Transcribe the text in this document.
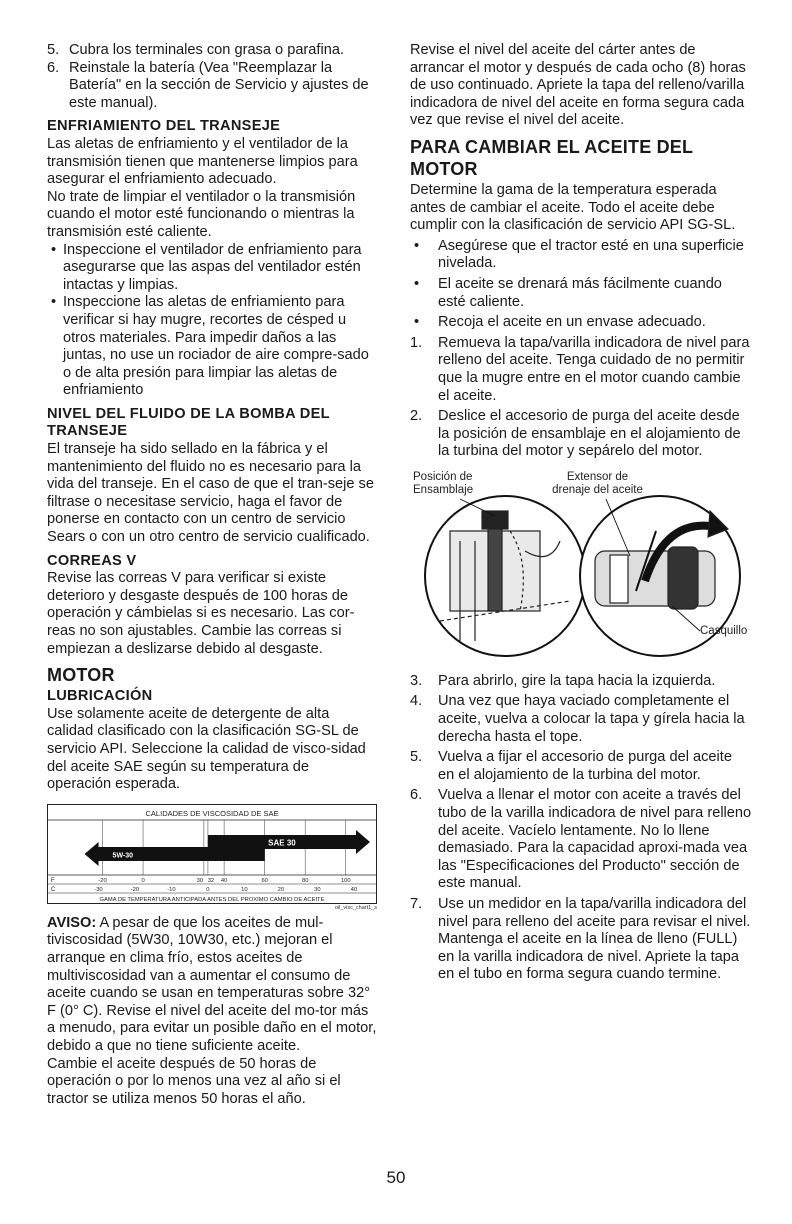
5. Cubra los terminales con grasa o parafina.
6. Reinstale la batería (Vea "Reemplazar la Batería" en la sección de Servicio y ajustes de este manual).
ENFRIAMIENTO DEL TRANSEJE

Las aletas de enfriamiento y el ventilador de la transmisión tienen que mantenerse limpios para asegurar el enfriamiento adecuado.

No trate de limpiar el ventilador o la transmisión cuando el motor esté funcionando o mientras la transmisión esté caliente.

• Inspeccione el ventilador de enfriamiento para asegurarse que las aspas del ventilador estén intactas y limpias.
• Inspeccione las aletas de enfriamiento para verificar si hay mugre, recortes de césped u otros materiales. Para impedir daños a las juntas, no use un rociador de aire compre-sado o de alta presión para limpiar las aletas de enfriamiento
NIVEL DEL FLUIDO DE LA BOMBA DEL TRANSEJE

El transeje ha sido sellado en la fábrica y el mantenimiento del fluido no es necesario para la vida del transeje. En el caso de que el tran-seje se filtrase o necesitase servicio, haga el favor de ponerse en contacto con un centro de servicio Sears o con un otro centro de servicio cualificado.

CORREAS V

Revise las correas V para verificar si existe deterioro y desgaste después de 100 horas de operación y cámbielas si es necesario. Las cor-reas no son ajustables. Cambie las correas si empiezan a deslizarse debido al desgaste.

MOTOR
LUBRICACIÓN

Use solamente aceite de detergente de alta calidad clasificado con la clasificación SG-SL de servicio API. Seleccione la calidad de visco-sidad del aceite SAE según su temperatura de operación esperada.

CALIDADES DE VISCOSIDAD DE SAE
SAE 30
5W-30
F
C
-20	0	30 32 40	60	80	100
-30	-20	-10	0	10	20	30	40
GAMA DE TEMPERATURA ANTICIPADA ANTES DEL PROXIMO CAMBIO DE ACEITE
oil_visc_chart1_s

AVISO: A pesar de que los aceites de mul-tiviscosidad (5W30, 10W30, etc.) mejoran el arranque en clima frío, estos aceites de multiviscosidad van a aumentar el consumo de aceite cuando se usan en temperaturas sobre 32° F (0° C). Revise el nivel del aceite del mo-tor más a menudo, para evitar un posible daño en el motor, debido a que no tiene suficiente aceite.

Cambie el aceite después de 50 horas de operación o por lo menos una vez al año si el tractor se utiliza menos 50 horas el año.

Revise el nivel del aceite del cárter antes de arrancar el motor y después de cada ocho (8) horas de uso continuado. Apriete la tapa del relleno/varilla indicadora de nivel del aceite en forma segura cada vez que revise el nivel del aceite.

PARA CAMBIAR EL ACEITE DEL MOTOR

Determine la gama de la temperatura esperada antes de cambiar el aceite. Todo el aceite debe cumplir con la clasificación de servicio API SG-SL.

• Asegúrese que el tractor esté en una superficie nivelada.
• El aceite se drenará más fácilmente cuando esté caliente.
• Recoja el aceite en un envase adecuado.
1. Remueva la tapa/varilla indicadora de nivel para relleno del aceite. Tenga cuidado de no permitir que la mugre entre en el motor cuando cambie el aceite.
2. Deslice el accesorio de purga del aceite desde la posición de ensamblaje en el alojamiento de la turbina del motor y sepárelo del motor.
Posición de Ensamblaje
Extensor de drenaje del aceite
Casquillo
3. Para abrirlo, gire la tapa hacia la izquierda.
4. Una vez que haya vaciado completamente el aceite, vuelva a colocar la tapa y gírela hacia la derecha hasta el tope.
5. Vuelva a fijar el accesorio de purga del aceite en el alojamiento de la turbina del motor.
6. Vuelva a llenar el motor con aceite a través del tubo de la varilla indicadora de nivel para relleno del aceite. Vacíelo lentamente. No lo llene demasiado. Para la capacidad aproxi-mada vea las "Especificaciones del Producto" sección de este manual.
7. Use un medidor en la tapa/varilla indicadora del nivel para relleno del aceite para revisar el nivel. Mantenga el aceite en la línea de lleno (FULL) en la varilla indicadora de nivel. Apriete la tapa en el tubo en forma segura cuando termine.
50
